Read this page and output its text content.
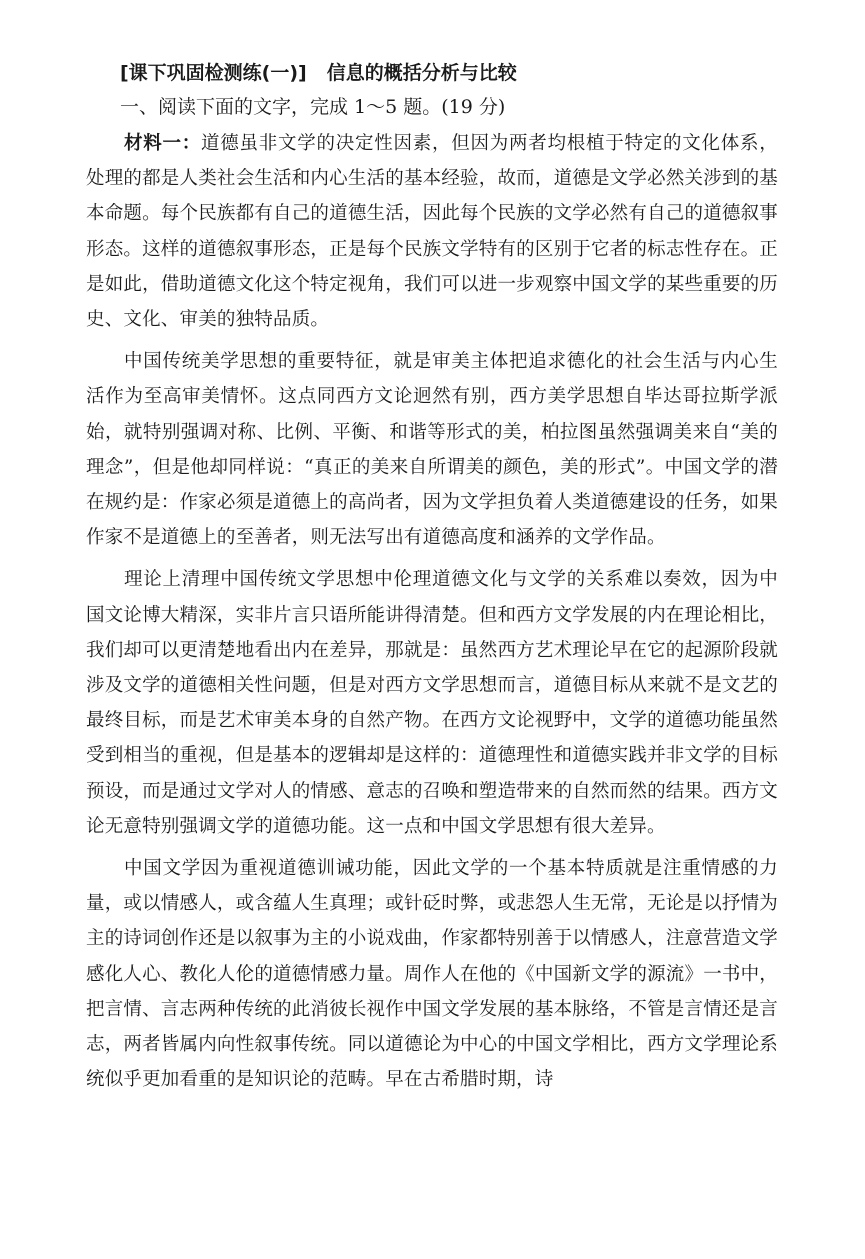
[课下巩固检测练(一)] 信息的概括分析与比较
一、阅读下面的文字，完成 1～5 题。(19 分)

材料一：道德虽非文学的决定性因素，但因为两者均根植于特定的文化体系，处理的都是人类社会生活和内心生活的基本经验，故而，道德是文学必然关涉到的基本命题。每个民族都有自己的道德生活，因此每个民族的文学必然有自己的道德叙事形态。这样的道德叙事形态，正是每个民族文学特有的区别于它者的标志性存在。正是如此，借助道德文化这个特定视角，我们可以进一步观察中国文学的某些重要的历史、文化、审美的独特品质。

中国传统美学思想的重要特征，就是审美主体把追求德化的社会生活与内心生活作为至高审美情怀。这点同西方文论迥然有别，西方美学思想自毕达哥拉斯学派始，就特别强调对称、比例、平衡、和谐等形式的美，柏拉图虽然强调美来自“美的理念”，但是他却同样说：“真正的美来自所谓美的颜色，美的形式”。中国文学的潜在规约是：作家必须是道德上的高尚者，因为文学担负着人类道德建设的任务，如果作家不是道德上的至善者，则无法写出有道德高度和涵养的文学作品。

理论上清理中国传统文学思想中伦理道德文化与文学的关系难以奏效，因为中国文论博大精深，实非片言只语所能讲得清楚。但和西方文学发展的内在理论相比，我们却可以更清楚地看出内在差异，那就是：虽然西方艺术理论早在它的起源阶段就涉及文学的道德相关性问题，但是对西方文学思想而言，道德目标从来就不是文艺的最终目标，而是艺术审美本身的自然产物。在西方文论视野中，文学的道德功能虽然受到相当的重视，但是基本的逻辑却是这样的：道德理性和道德实践并非文学的目标预设，而是通过文学对人的情感、意志的召唤和塑造带来的自然而然的结果。西方文论无意特别强调文学的道德功能。这一点和中国文学思想有很大差异。

中国文学因为重视道德训诫功能，因此文学的一个基本特质就是注重情感的力量，或以情感人，或含蕴人生真理；或针砭时弊，或悲怨人生无常，无论是以抒情为主的诗词创作还是以叙事为主的小说戏曲，作家都特别善于以情感人，注意营造文学感化人心、教化人伦的道德情感力量。周作人在他的《中国新文学的源流》一书中，把言情、言志两种传统的此消彼长视作中国文学发展的基本脉络，不管是言情还是言志，两者皆属内向性叙事传统。同以道德论为中心的中国文学相比，西方文学理论系统似乎更加看重的是知识论的范畴。早在古希腊时期，诗
